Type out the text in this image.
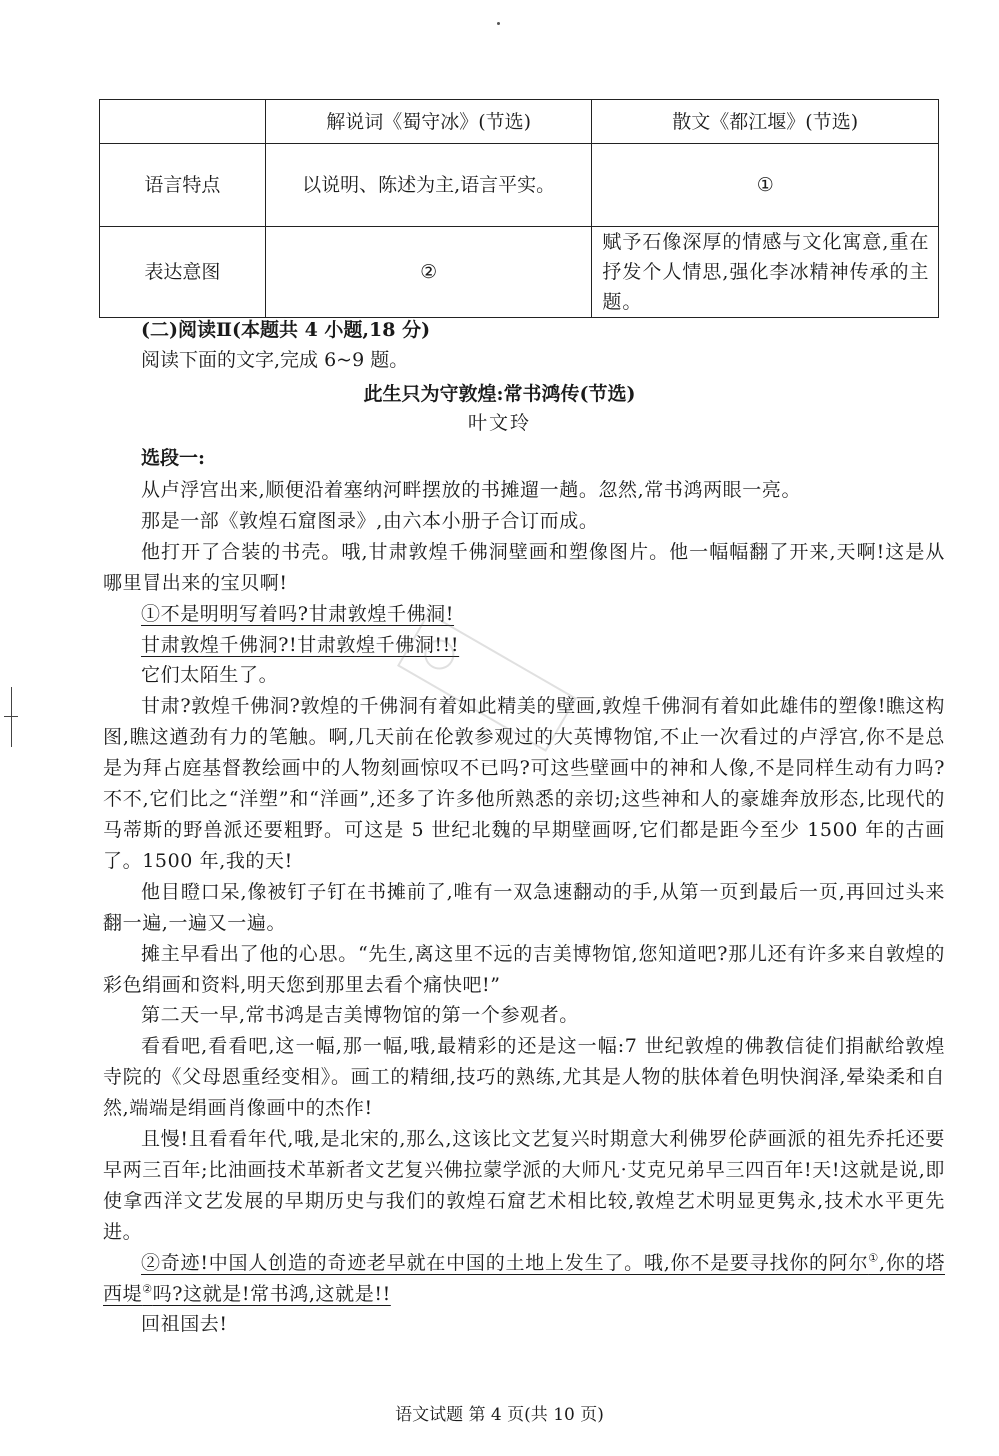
	解说词《蜀守冰》(节选)	散文《都江堰》(节选)
语言特点	以说明、陈述为主,语言平实。	①
表达意图	②	赋予石像深厚的情感与文化寓意,重在抒发个人情思,强化李冰精神传承的主题。
(二)阅读Ⅱ(本题共 4 小题,18 分)
阅读下面的文字,完成 6~9 题。
此生只为守敦煌:常书鸿传(节选)
叶文玲
选段一:

从卢浮宫出来,顺便沿着塞纳河畔摆放的书摊遛一趟。忽然,常书鸿两眼一亮。

那是一部《敦煌石窟图录》,由六本小册子合订而成。

他打开了合装的书壳。哦,甘肃敦煌千佛洞壁画和塑像图片。他一幅幅翻了开来,天啊!这是从哪里冒出来的宝贝啊!

①不是明明写着吗?甘肃敦煌千佛洞!

甘肃敦煌千佛洞?!甘肃敦煌千佛洞!!!

它们太陌生了。

甘肃?敦煌千佛洞?敦煌的千佛洞有着如此精美的壁画,敦煌千佛洞有着如此雄伟的塑像!瞧这构图,瞧这遒劲有力的笔触。啊,几天前在伦敦参观过的大英博物馆,不止一次看过的卢浮宫,你不是总是为拜占庭基督教绘画中的人物刻画惊叹不已吗?可这些壁画中的神和人像,不是同样生动有力吗?不不,它们比之“洋塑”和“洋画”,还多了许多他所熟悉的亲切;这些神和人的豪雄奔放形态,比现代的马蒂斯的野兽派还要粗野。可这是 5 世纪北魏的早期壁画呀,它们都是距今至少 1500 年的古画了。1500 年,我的天!

他目瞪口呆,像被钉子钉在书摊前了,唯有一双急速翻动的手,从第一页到最后一页,再回过头来翻一遍,一遍又一遍。

摊主早看出了他的心思。“先生,离这里不远的吉美博物馆,您知道吧?那儿还有许多来自敦煌的彩色绢画和资料,明天您到那里去看个痛快吧!”

第二天一早,常书鸿是吉美博物馆的第一个参观者。

看看吧,看看吧,这一幅,那一幅,哦,最精彩的还是这一幅:7 世纪敦煌的佛教信徒们捐献给敦煌寺院的《父母恩重经变相》。画工的精细,技巧的熟练,尤其是人物的肤体着色明快润泽,晕染柔和自然,端端是绢画肖像画中的杰作!

且慢!且看看年代,哦,是北宋的,那么,这该比文艺复兴时期意大利佛罗伦萨画派的祖先乔托还要早两三百年;比油画技术革新者文艺复兴佛拉蒙学派的大师凡·艾克兄弟早三四百年!天!这就是说,即使拿西洋文艺发展的早期历史与我们的敦煌石窟艺术相比较,敦煌艺术明显更隽永,技术水平更先进。

②奇迹!中国人创造的奇迹老早就在中国的土地上发生了。哦,你不是要寻找你的阿尔①,你的塔西堤②吗?这就是!常书鸿,这就是!!

回祖国去!

语文试题 第 4 页(共 10 页)
